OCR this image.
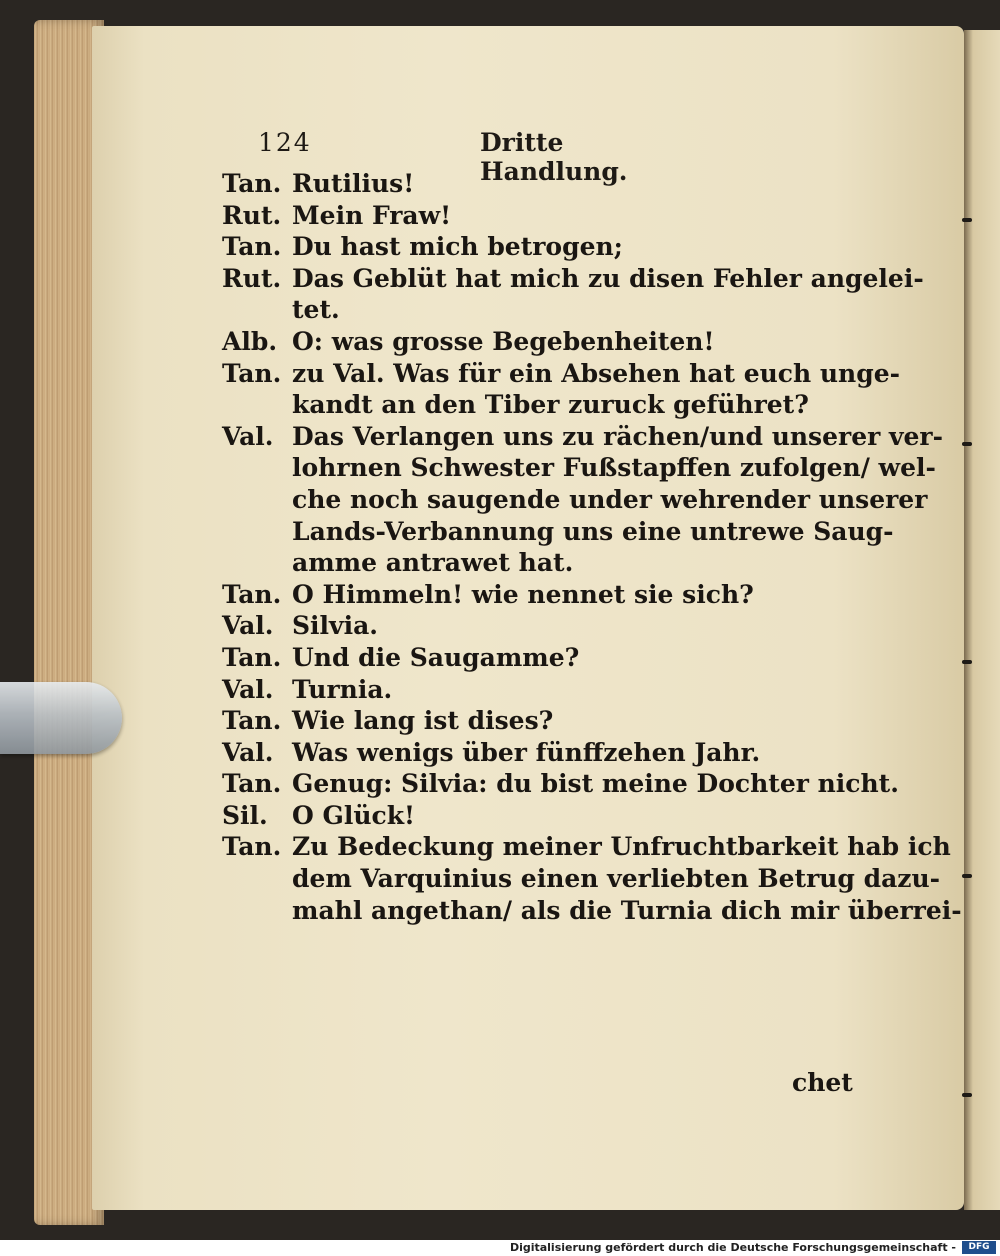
124	Dritte Handlung.
Tan. Rutilius!
Rut. Mein Fraw!
Tan. Du hast mich betrogen;
Rut. Das Geblüt hat mich zu disen Fehler angelei-
tet.
Alb. O: was grosse Begebenheiten!
Tan. zu Val. Was für ein Absehen hat euch unge-
kandt an den Tiber zuruck geführet?
Val. Das Verlangen uns zu rächen/und unserer ver-
lohrnen Schwester Fußstapffen zufolgen/ wel-
che noch saugende under wehrender unserer
Lands-Verbannung uns eine untrewe Saug-
amme antrawet hat.
Tan. O Himmeln! wie nennet sie sich?
Val. Silvia.
Tan. Und die Saugamme?
Val. Turnia.
Tan. Wie lang ist dises?
Val. Was wenigs über fünffzehen Jahr.
Tan. Genug: Silvia: du bist meine Dochter nicht.
Sil. O Glück!
Tan. Zu Bedeckung meiner Unfruchtbarkeit hab ich
dem Varquinius einen verliebten Betrug dazu-
mahl angethan/ als die Turnia dich mir überrei-
chet
Digitalisierung gefördert durch die Deutsche Forschungsgemeinschaft -	DFG
